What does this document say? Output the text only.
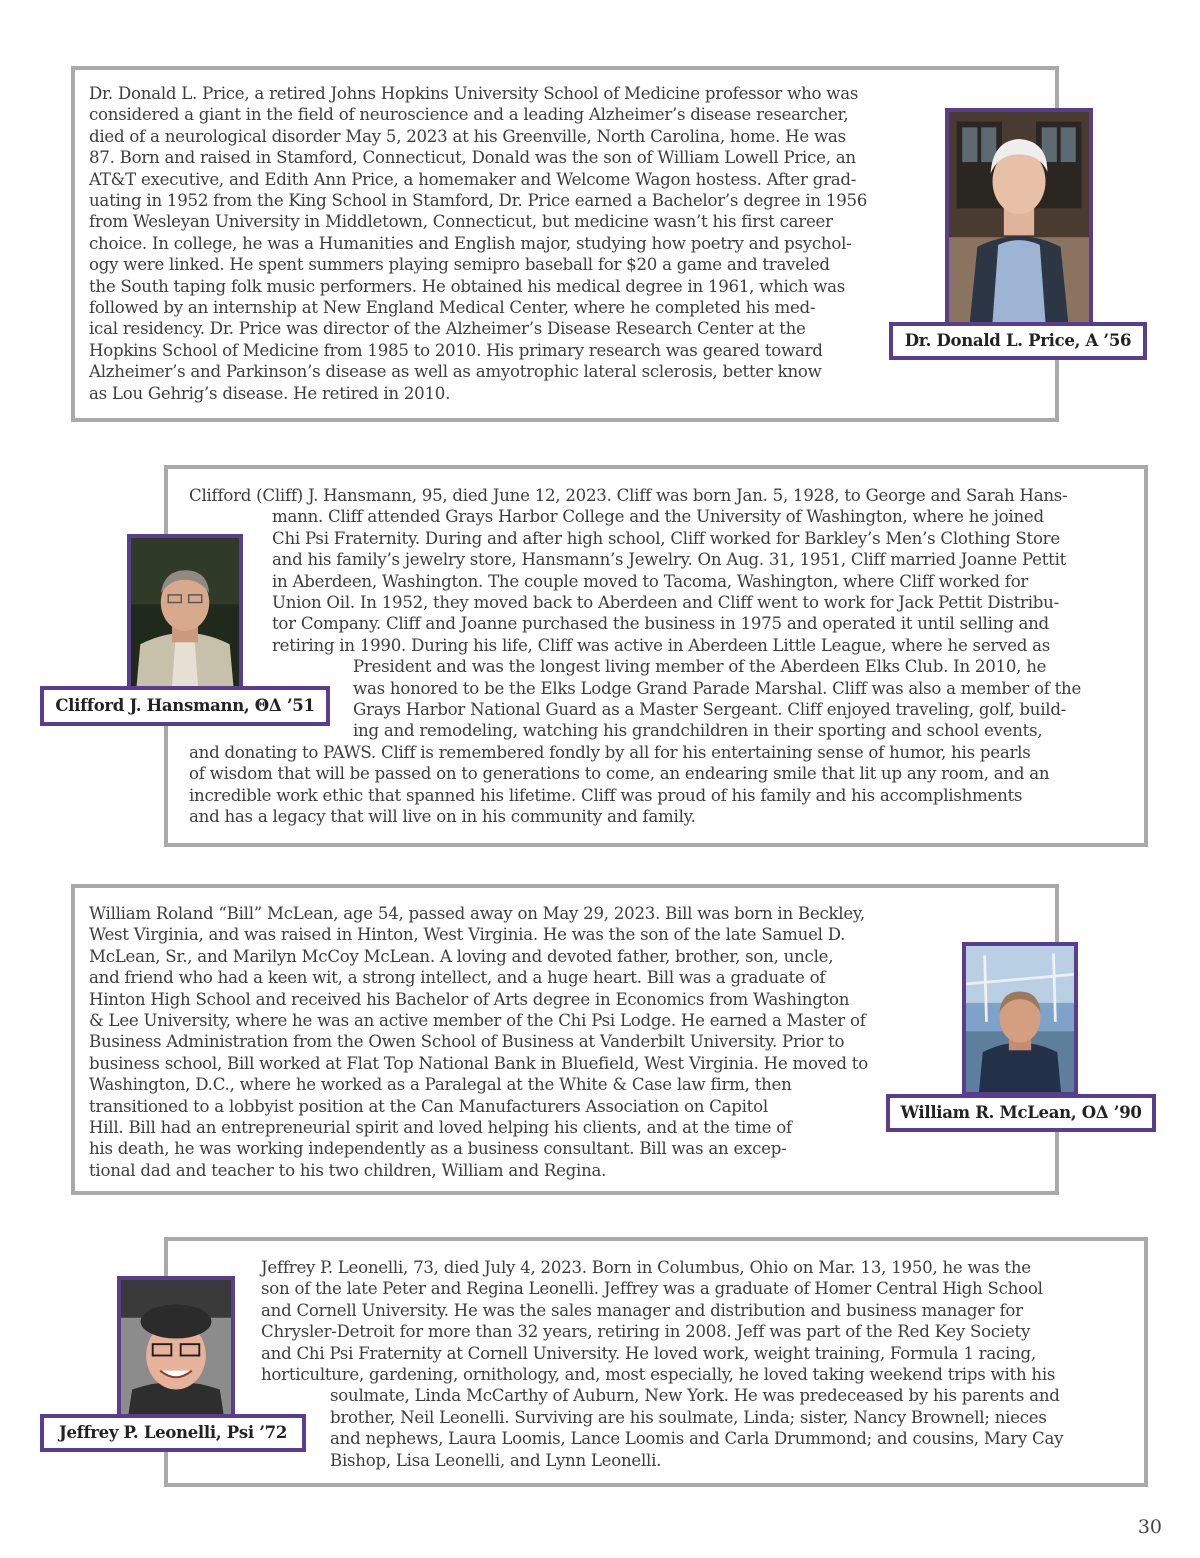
Dr. Donald L. Price, a retired Johns Hopkins University School of Medicine professor who was
considered a giant in the field of neuroscience and a leading Alzheimer’s disease researcher,
died of a neurological disorder May 5, 2023 at his Greenville, North Carolina, home. He was
87. Born and raised in Stamford, Connecticut, Donald was the son of William Lowell Price, an
AT&T executive, and Edith Ann Price, a homemaker and Welcome Wagon hostess. After grad-
uating in 1952 from the King School in Stamford, Dr. Price earned a Bachelor’s degree in 1956
from Wesleyan University in Middletown, Connecticut, but medicine wasn’t his first career
choice. In college, he was a Humanities and English major, studying how poetry and psychol-
ogy were linked. He spent summers playing semipro baseball for $20 a game and traveled
the South taping folk music performers. He obtained his medical degree in 1961, which was
followed by an internship at New England Medical Center, where he completed his med-
ical residency. Dr. Price was director of the Alzheimer’s Disease Research Center at the
Hopkins School of Medicine from 1985 to 2010. His primary research was geared toward
Alzheimer’s and Parkinson’s disease as well as amyotrophic lateral sclerosis, better know
as Lou Gehrig’s disease. He retired in 2010.
Dr. Donald L. Price, A ’56
Clifford (Cliff) J. Hansmann, 95, died June 12, 2023. Cliff was born Jan. 5, 1928, to George and Sarah Hans-
mann. Cliff attended Grays Harbor College and the University of Washington, where he joined
Chi Psi Fraternity. During and after high school, Cliff worked for Barkley’s Men’s Clothing Store
and his family’s jewelry store, Hansmann’s Jewelry. On Aug. 31, 1951, Cliff married Joanne Pettit
in Aberdeen, Washington. The couple moved to Tacoma, Washington, where Cliff worked for
Union Oil. In 1952, they moved back to Aberdeen and Cliff went to work for Jack Pettit Distribu-
tor Company. Cliff and Joanne purchased the business in 1975 and operated it until selling and
retiring in 1990. During his life, Cliff was active in Aberdeen Little League, where he served as
President and was the longest living member of the Aberdeen Elks Club. In 2010, he
was honored to be the Elks Lodge Grand Parade Marshal. Cliff was also a member of the
Grays Harbor National Guard as a Master Sergeant. Cliff enjoyed traveling, golf, build-
ing and remodeling, watching his grandchildren in their sporting and school events,
and donating to PAWS. Cliff is remembered fondly by all for his entertaining sense of humor, his pearls
of wisdom that will be passed on to generations to come, an endearing smile that lit up any room, and an
incredible work ethic that spanned his lifetime. Cliff was proud of his family and his accomplishments
and has a legacy that will live on in his community and family.
Clifford J. Hansmann, ΘΔ ’51
William Roland “Bill” McLean, age 54, passed away on May 29, 2023. Bill was born in Beckley,
West Virginia, and was raised in Hinton, West Virginia. He was the son of the late Samuel D.
McLean, Sr., and Marilyn McCoy McLean. A loving and devoted father, brother, son, uncle,
and friend who had a keen wit, a strong intellect, and a huge heart. Bill was a graduate of
Hinton High School and received his Bachelor of Arts degree in Economics from Washington
& Lee University, where he was an active member of the Chi Psi Lodge. He earned a Master of
Business Administration from the Owen School of Business at Vanderbilt University. Prior to
business school, Bill worked at Flat Top National Bank in Bluefield, West Virginia. He moved to
Washington, D.C., where he worked as a Paralegal at the White & Case law firm, then
transitioned to a lobbyist position at the Can Manufacturers Association on Capitol
Hill. Bill had an entrepreneurial spirit and loved helping his clients, and at the time of
his death, he was working independently as a business consultant. Bill was an excep-
tional dad and teacher to his two children, William and Regina.
William R. McLean, ΟΔ ’90
Jeffrey P. Leonelli, 73, died July 4, 2023. Born in Columbus, Ohio on Mar. 13, 1950, he was the
son of the late Peter and Regina Leonelli. Jeffrey was a graduate of Homer Central High School
and Cornell University. He was the sales manager and distribution and business manager for
Chrysler-Detroit for more than 32 years, retiring in 2008. Jeff was part of the Red Key Society
and Chi Psi Fraternity at Cornell University. He loved work, weight training, Formula 1 racing,
horticulture, gardening, ornithology, and, most especially, he loved taking weekend trips with his
soulmate, Linda McCarthy of Auburn, New York. He was predeceased by his parents and
brother, Neil Leonelli. Surviving are his soulmate, Linda; sister, Nancy Brownell; nieces
and nephews, Laura Loomis, Lance Loomis and Carla Drummond; and cousins, Mary Cay
Bishop, Lisa Leonelli, and Lynn Leonelli.
Jeffrey P. Leonelli, Psi ’72
30
